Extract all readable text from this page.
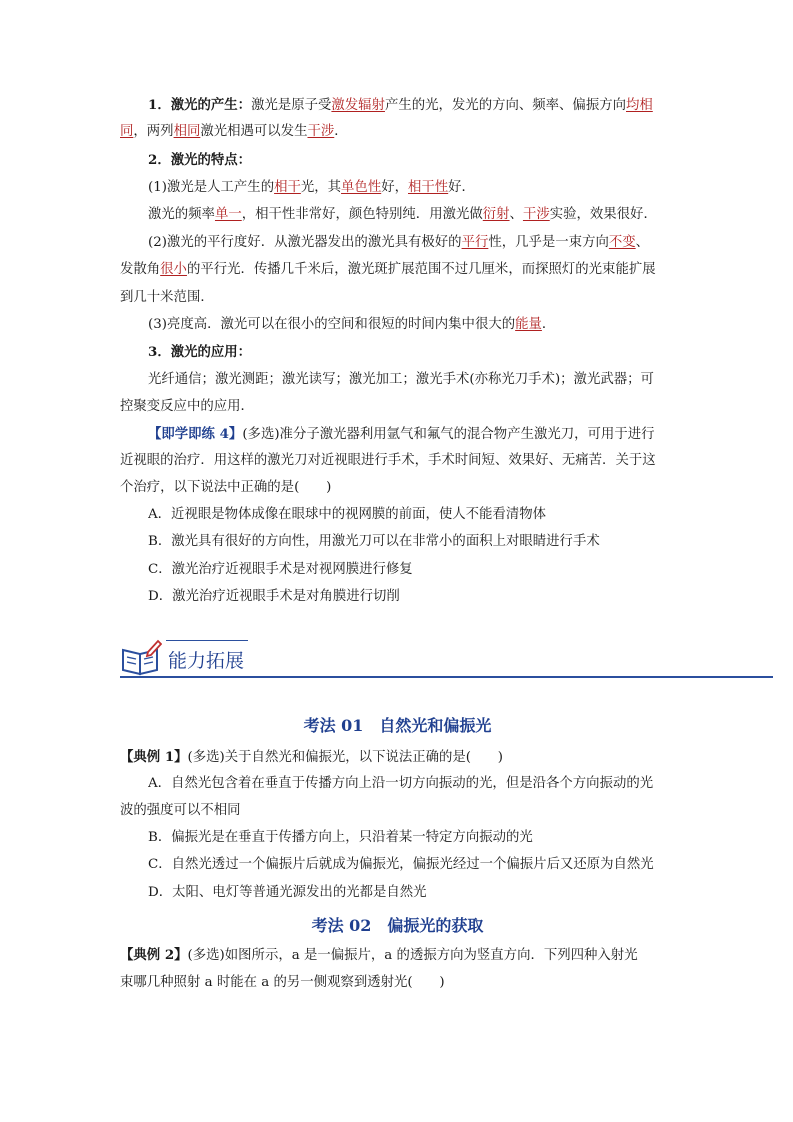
1．激光的产生：激光是原子受激发辐射产生的光，发光的方向、频率、偏振方向均相
同，两列相同激光相遇可以发生干涉．
2．激光的特点：
(1)激光是人工产生的相干光，其单色性好，相干性好．
激光的频率单一，相干性非常好，颜色特别纯．用激光做衍射、干涉实验，效果很好．
(2)激光的平行度好．从激光器发出的激光具有极好的平行性，几乎是一束方向不变、
发散角很小的平行光．传播几千米后，激光斑扩展范围不过几厘米，而探照灯的光束能扩展
到几十米范围．
(3)亮度高．激光可以在很小的空间和很短的时间内集中很大的能量．
3．激光的应用：
光纤通信；激光测距；激光读写；激光加工；激光手术(亦称光刀手术)；激光武器；可
控聚变反应中的应用．
【即学即练 4】(多选)准分子激光器利用氩气和氟气的混合物产生激光刀，可用于进行
近视眼的治疗．用这样的激光刀对近视眼进行手术，手术时间短、效果好、无痛苦．关于这
个治疗，以下说法中正确的是(　　)
A．近视眼是物体成像在眼球中的视网膜的前面，使人不能看清物体
B．激光具有很好的方向性，用激光刀可以在非常小的面积上对眼睛进行手术
C．激光治疗近视眼手术是对视网膜进行修复
D．激光治疗近视眼手术是对角膜进行切削
能力拓展
考法 01　自然光和偏振光
【典例 1】(多选)关于自然光和偏振光，以下说法正确的是(　　)
A．自然光包含着在垂直于传播方向上沿一切方向振动的光，但是沿各个方向振动的光
波的强度可以不相同
B．偏振光是在垂直于传播方向上，只沿着某一特定方向振动的光
C．自然光透过一个偏振片后就成为偏振光，偏振光经过一个偏振片后又还原为自然光
D．太阳、电灯等普通光源发出的光都是自然光
考法 02　偏振光的获取
【典例 2】(多选)如图所示，a 是一偏振片，a 的透振方向为竖直方向．下列四种入射光
束哪几种照射 a 时能在 a 的另一侧观察到透射光(　　)
